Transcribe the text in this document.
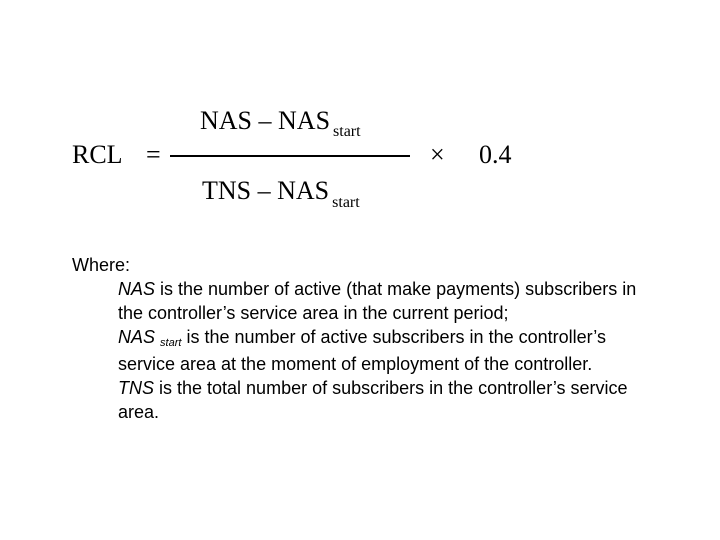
RCL =
NAS – NAS $_{start}$
TNS – NAS $_{start}$
× 0.4
Where:

NAS is the number of active (that make payments) subscribers in the controller’s service area in the current period;

NAS start is the number of active subscribers in the controller’s service area at the moment of employment of the controller.

TNS is the total number of subscribers in the controller’s service area.
